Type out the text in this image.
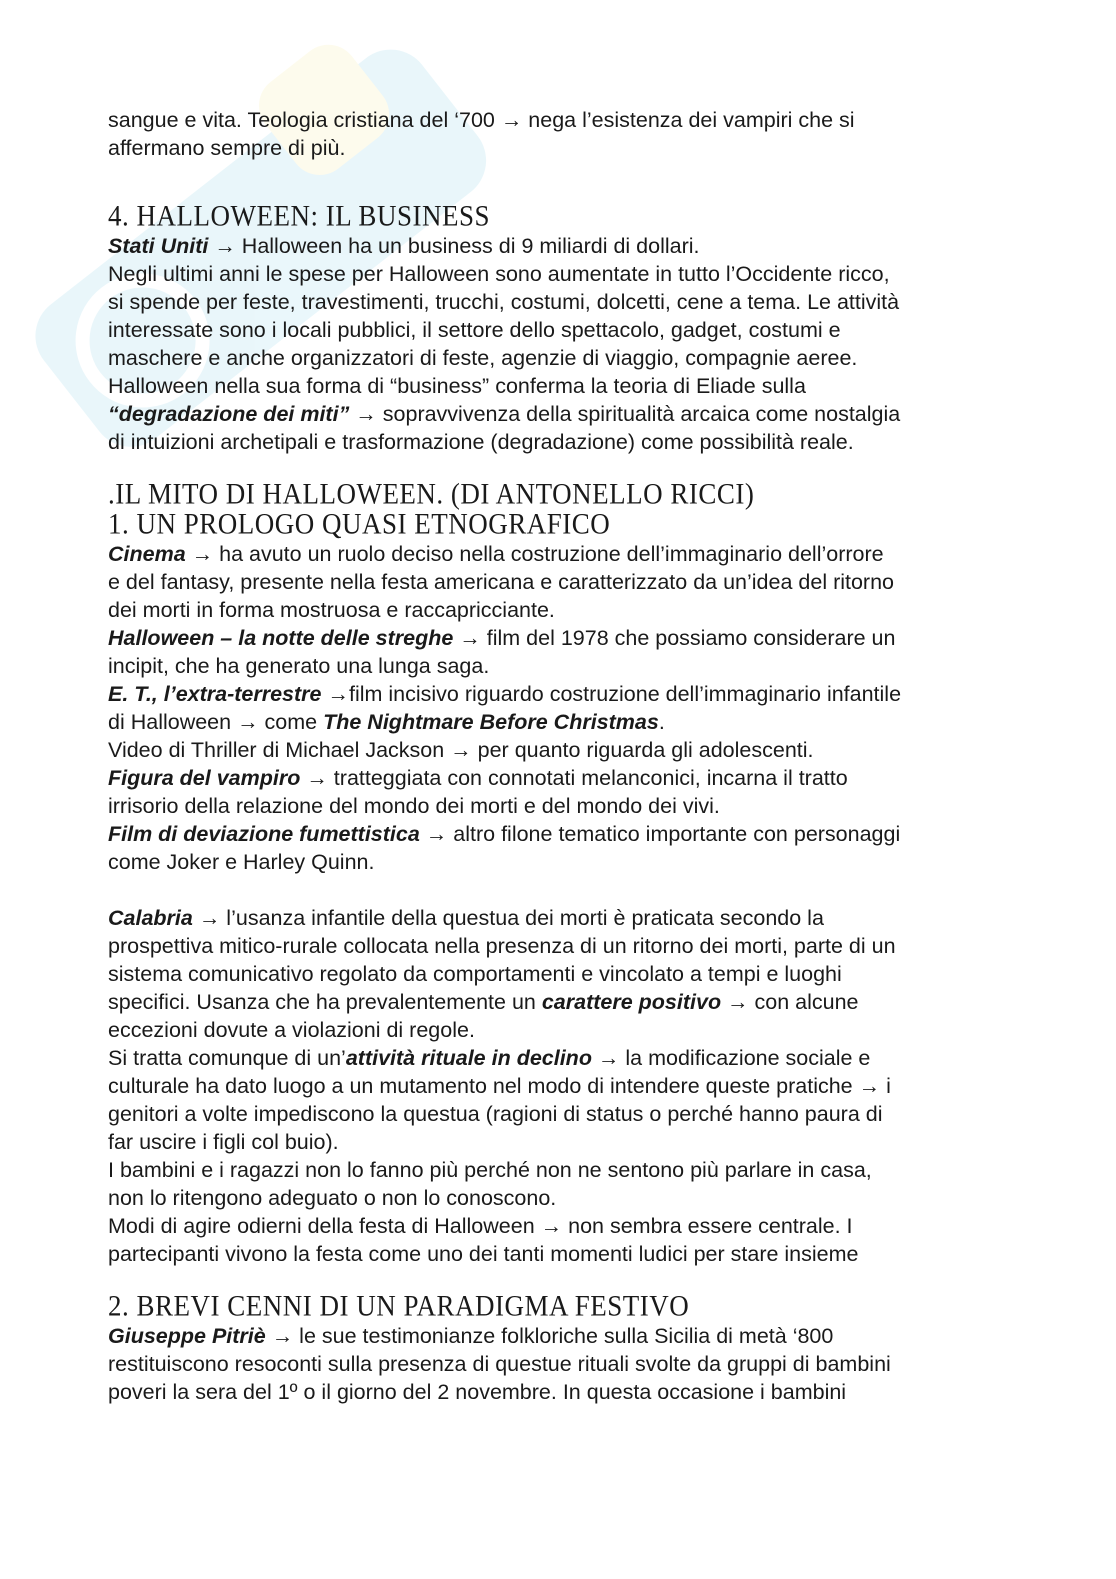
sangue e vita. Teologia cristiana del ‘700 → nega l’esistenza dei vampiri che si

affermano sempre di più.

4. HALLOWEEN: IL BUSINESS

Stati Uniti → Halloween ha un business di 9 miliardi di dollari.

Negli ultimi anni le spese per Halloween sono aumentate in tutto l’Occidente ricco,

si spende per feste, travestimenti, trucchi, costumi, dolcetti, cene a tema. Le attività

interessate sono i locali pubblici, il settore dello spettacolo, gadget, costumi e

maschere e anche organizzatori di feste, agenzie di viaggio, compagnie aeree.

Halloween nella sua forma di “business” conferma la teoria di Eliade sulla

“degradazione dei miti” → sopravvivenza della spiritualità arcaica come nostalgia

di intuizioni archetipali e trasformazione (degradazione) come possibilità reale.

.IL MITO DI HALLOWEEN. (DI ANTONELLO RICCI)
1. UN PROLOGO QUASI ETNOGRAFICO

Cinema → ha avuto un ruolo deciso nella costruzione dell’immaginario dell’orrore

e del fantasy, presente nella festa americana e caratterizzato da un’idea del ritorno

dei morti in forma mostruosa e raccapricciante.

Halloween – la notte delle streghe → film del 1978 che possiamo considerare un

incipit, che ha generato una lunga saga.

E. T., l’extra-terrestre →film incisivo riguardo costruzione dell’immaginario infantile

di Halloween → come The Nightmare Before Christmas.

Video di Thriller di Michael Jackson → per quanto riguarda gli adolescenti.

Figura del vampiro → tratteggiata con connotati melanconici, incarna il tratto

irrisorio della relazione del mondo dei morti e del mondo dei vivi.

Film di deviazione fumettistica → altro filone tematico importante con personaggi

come Joker e Harley Quinn.

Calabria → l’usanza infantile della questua dei morti è praticata secondo la

prospettiva mitico-rurale collocata nella presenza di un ritorno dei morti, parte di un

sistema comunicativo regolato da comportamenti e vincolato a tempi e luoghi

specifici. Usanza che ha prevalentemente un carattere positivo → con alcune

eccezioni dovute a violazioni di regole.

Si tratta comunque di un’attività rituale in declino → la modificazione sociale e

culturale ha dato luogo a un mutamento nel modo di intendere queste pratiche → i

genitori a volte impediscono la questua (ragioni di status o perché hanno paura di

far uscire i figli col buio).

I bambini e i ragazzi non lo fanno più perché non ne sentono più parlare in casa,

non lo ritengono adeguato o non lo conoscono.

Modi di agire odierni della festa di Halloween → non sembra essere centrale. I

partecipanti vivono la festa come uno dei tanti momenti ludici per stare insieme

2. BREVI CENNI DI UN PARADIGMA FESTIVO

Giuseppe Pitriè → le sue testimonianze folkloriche sulla Sicilia di metà ‘800

restituiscono resoconti sulla presenza di questue rituali svolte da gruppi di bambini

poveri la sera del 1º o il giorno del 2 novembre. In questa occasione i bambini
